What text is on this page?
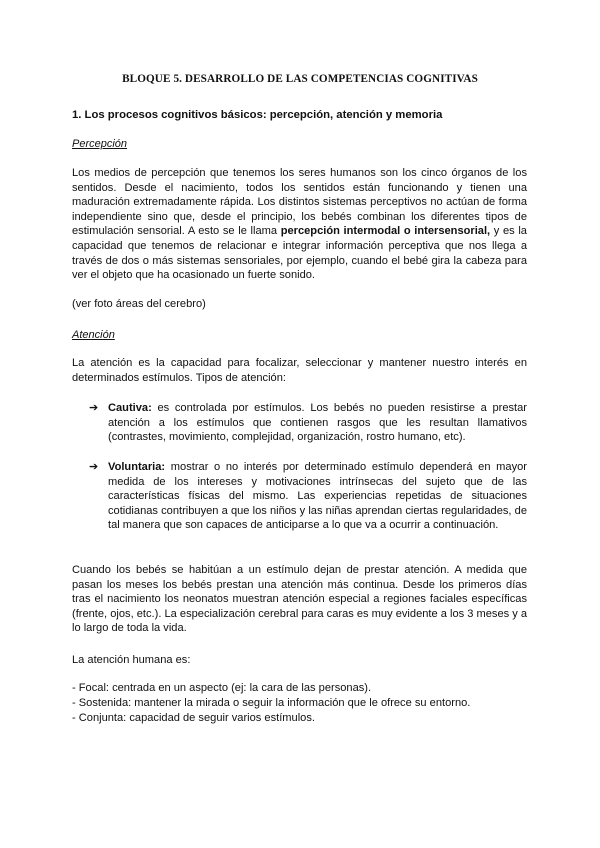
BLOQUE 5. DESARROLLO DE LAS COMPETENCIAS COGNITIVAS
1. Los procesos cognitivos básicos: percepción, atención y memoria
Percepción
Los medios de percepción que tenemos los seres humanos son los cinco órganos de los
sentidos. Desde el nacimiento, todos los sentidos están funcionando y tienen una
maduración extremadamente rápida. Los distintos sistemas perceptivos no actúan de forma
independiente sino que, desde el principio, los bebés combinan los diferentes tipos de
estimulación sensorial. A esto se le llama percepción intermodal o intersensorial, y es la
capacidad que tenemos de relacionar e integrar información perceptiva que nos llega a
través de dos o más sistemas sensoriales, por ejemplo, cuando el bebé gira la cabeza para
ver el objeto que ha ocasionado un fuerte sonido.
(ver foto áreas del cerebro)
Atención
La atención es la capacidad para focalizar, seleccionar y mantener nuestro interés en
determinados estímulos. Tipos de atención:
➔ Cautiva: es controlada por estímulos. Los bebés no pueden resistirse a prestar
atención a los estímulos que contienen rasgos que les resultan llamativos
(contrastes, movimiento, complejidad, organización, rostro humano, etc).
➔ Voluntaria: mostrar o no interés por determinado estímulo dependerá en mayor
medida de los intereses y motivaciones intrínsecas del sujeto que de las
características físicas del mismo. Las experiencias repetidas de situaciones
cotidianas contribuyen a que los niños y las niñas aprendan ciertas regularidades, de
tal manera que son capaces de anticiparse a lo que va a ocurrir a continuación.
Cuando los bebés se habitúan a un estímulo dejan de prestar atención. A medida que
pasan los meses los bebés prestan una atención más continua. Desde los primeros días
tras el nacimiento los neonatos muestran atención especial a regiones faciales específicas
(frente, ojos, etc.). La especialización cerebral para caras es muy evidente a los 3 meses y a
lo largo de toda la vida.
La atención humana es:
- Focal: centrada en un aspecto (ej: la cara de las personas).
- Sostenida: mantener la mirada o seguir la información que le ofrece su entorno.
- Conjunta: capacidad de seguir varios estímulos.
